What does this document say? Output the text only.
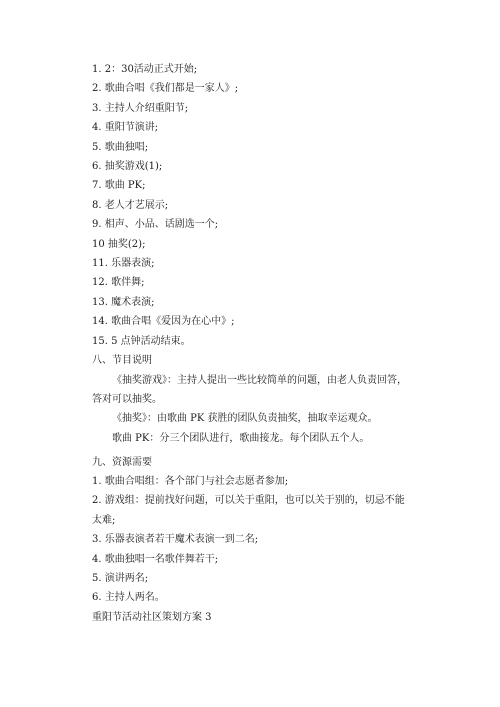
1. 2：30活动正式开始;
2. 歌曲合唱《我们都是一家人》;
3. 主持人介绍重阳节;
4. 重阳节演讲;
5. 歌曲独唱;
6. 抽奖游戏(1);
7. 歌曲 PK;
8. 老人才艺展示;
9. 相声、小品、话剧选一个;
10 抽奖(2);
11. 乐器表演;
12. 歌伴舞;
13. 魔术表演;
14. 歌曲合唱《爱因为在心中》;
15. 5 点钟活动结束。
八、节目说明
《抽奖游戏》：主持人提出一些比较简单的问题，由老人负责回答，答对可以抽奖。
《抽奖》：由歌曲 PK 获胜的团队负责抽奖，抽取幸运观众。
歌曲 PK：分三个团队进行，歌曲接龙。每个团队五个人。
九、资源需要
1. 歌曲合唱组：各个部门与社会志愿者参加;
2. 游戏组：提前找好问题，可以关于重阳，也可以关于别的，切忌不能太难;
3. 乐器表演者若干魔术表演一到二名;
4. 歌曲独唱一名歌伴舞若干;
5. 演讲两名;
6. 主持人两名。
重阳节活动社区策划方案 3
